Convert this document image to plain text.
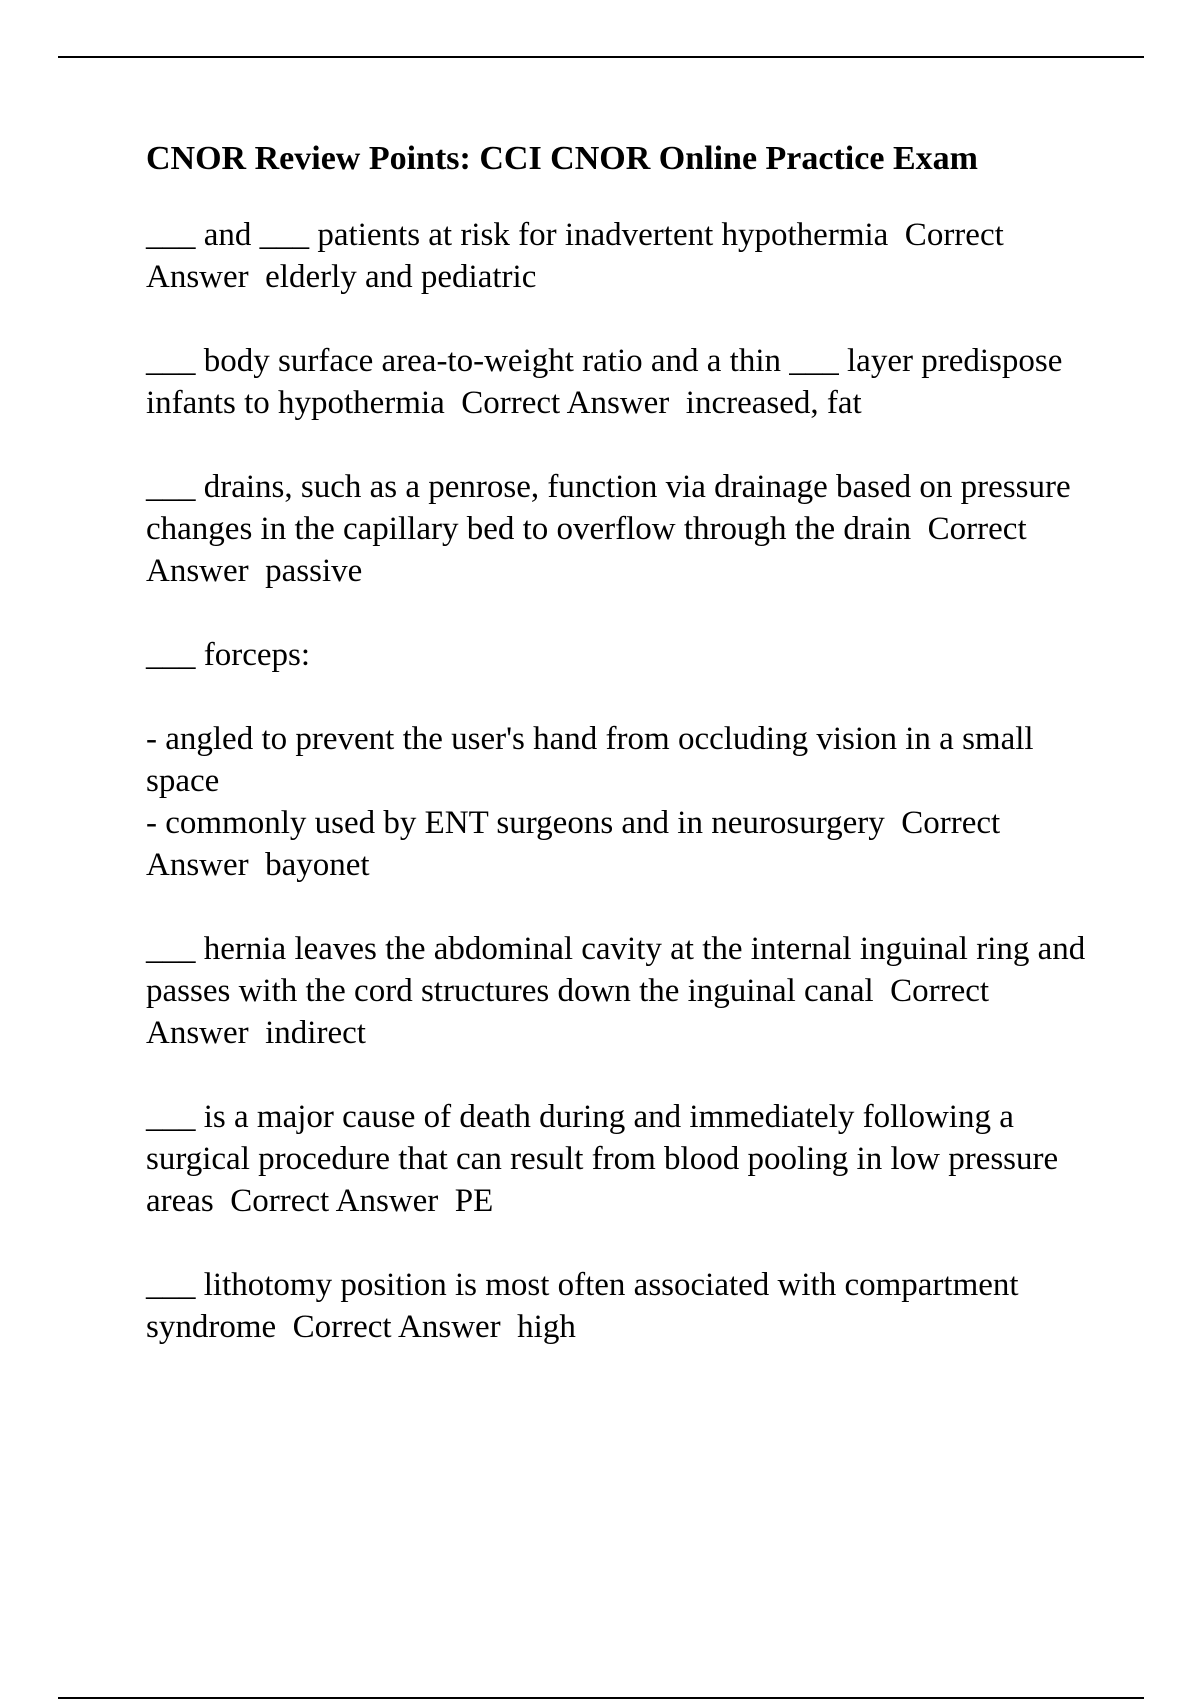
CNOR Review Points: CCI CNOR Online Practice Exam

___ and ___ patients at risk for inadvertent hypothermia  Correct Answer  elderly and pediatric

___ body surface area-to-weight ratio and a thin ___ layer predispose infants to hypothermia  Correct Answer  increased, fat

___ drains, such as a penrose, function via drainage based on pressure changes in the capillary bed to overflow through the drain  Correct Answer  passive

___ forceps:

- angled to prevent the user's hand from occluding vision in a small space
- commonly used by ENT surgeons and in neurosurgery  Correct Answer  bayonet

___ hernia leaves the abdominal cavity at the internal inguinal ring and passes with the cord structures down the inguinal canal  Correct Answer  indirect

___ is a major cause of death during and immediately following a surgical procedure that can result from blood pooling in low pressure areas  Correct Answer  PE

___ lithotomy position is most often associated with compartment syndrome  Correct Answer  high
